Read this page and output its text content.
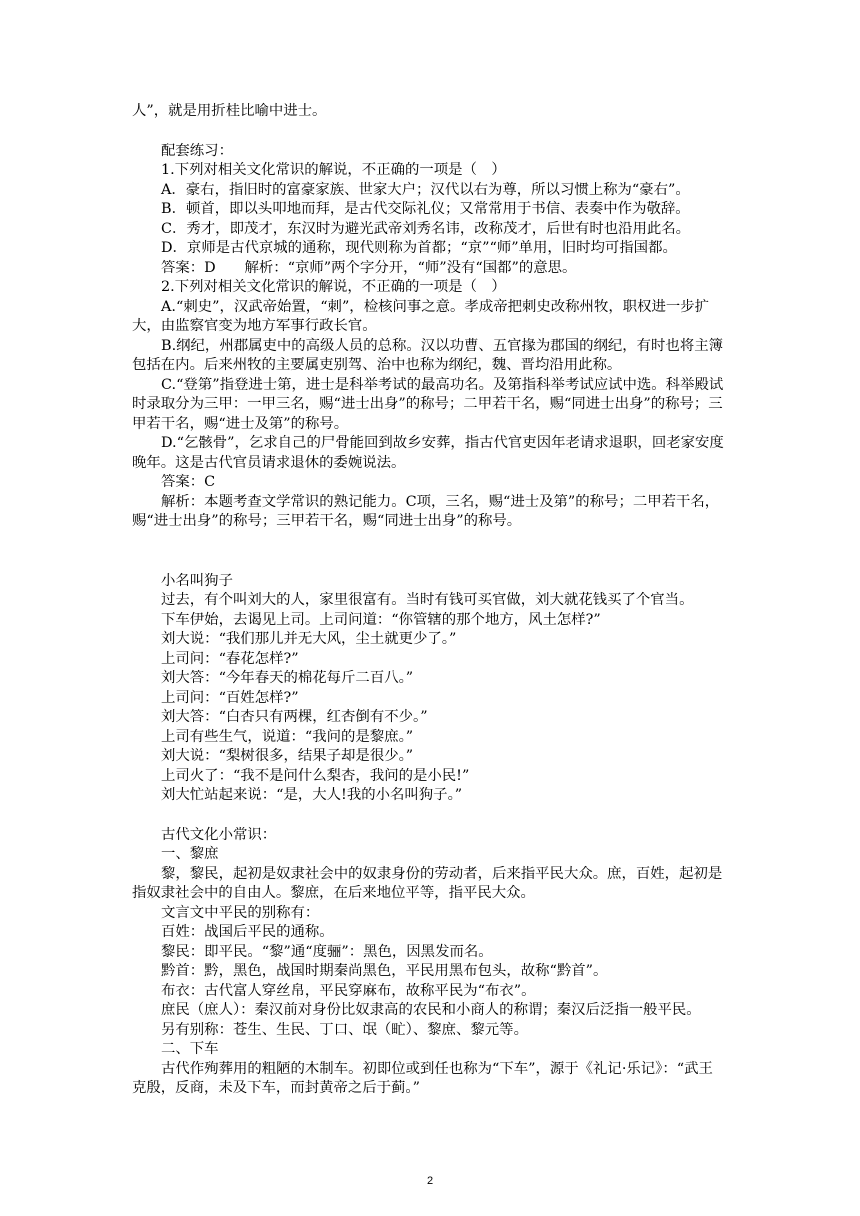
人”，就是用折桂比喻中进士。
配套练习：
1.下列对相关文化常识的解说，不正确的一项是（　）
A．豪右，指旧时的富豪家族、世家大户；汉代以右为尊，所以习惯上称为“豪右”。
B．顿首，即以头叩地而拜，是古代交际礼仪；又常常用于书信、表奏中作为敬辞。
C．秀才，即茂才，东汉时为避光武帝刘秀名讳，改称茂才，后世有时也沿用此名。
D．京师是古代京城的通称，现代则称为首都；“京”“师”单用，旧时均可指国都。
答案：D　　解析：“京师”两个字分开，“师”没有“国都”的意思。
2.下列对相关文化常识的解说，不正确的一项是（　）
A.“刺史”，汉武帝始置，“刺”，检核问事之意。孝成帝把刺史改称州牧，职权进一步扩大，由监察官变为地方军事行政长官。
B.纲纪，州郡属吏中的高级人员的总称。汉以功曹、五官掾为郡国的纲纪，有时也将主簿包括在内。后来州牧的主要属吏别驾、治中也称为纲纪，魏、晋均沿用此称。
C.“登第”指登进士第，进士是科举考试的最高功名。及第指科举考试应试中选。科举殿试时录取分为三甲：一甲三名，赐“进士出身”的称号；二甲若干名，赐“同进士出身”的称号；三甲若干名，赐“进士及第”的称号。
D.“乞骸骨”，乞求自己的尸骨能回到故乡安葬，指古代官吏因年老请求退职，回老家安度晚年。这是古代官员请求退休的委婉说法。
答案：C
解析：本题考查文学常识的熟记能力。C项，三名，赐“进士及第”的称号；二甲若干名，赐“进士出身”的称号；三甲若干名，赐“同进士出身”的称号。
小名叫狗子
过去，有个叫刘大的人，家里很富有。当时有钱可买官做，刘大就花钱买了个官当。
下车伊始，去谒见上司。上司问道：“你管辖的那个地方，风土怎样?”
刘大说：“我们那儿并无大风，尘土就更少了。”
上司问：“春花怎样?”
刘大答：“今年春天的棉花每斤二百八。”
上司问：“百姓怎样?”
刘大答：“白杏只有两棵，红杏倒有不少。”
上司有些生气，说道：“我问的是黎庶。”
刘大说：“梨树很多，结果子却是很少。”
上司火了：“我不是问什么梨杏，我问的是小民!”
刘大忙站起来说：“是，大人!我的小名叫狗子。”
古代文化小常识：
一、黎庶
黎，黎民，起初是奴隶社会中的奴隶身份的劳动者，后来指平民大众。庶，百姓，起初是指奴隶社会中的自由人。黎庶，在后来地位平等，指平民大众。
文言文中平民的别称有：
百姓：战国后平民的通称。
黎民：即平民。“黎”通“度骊”：黑色，因黑发而名。
黔首：黔，黑色，战国时期秦尚黑色，平民用黑布包头，故称“黔首”。
布衣：古代富人穿丝帛，平民穿麻布，故称平民为“布衣”。
庶民（庶人）：秦汉前对身份比奴隶高的农民和小商人的称谓；秦汉后泛指一般平民。
另有别称：苍生、生民、丁口、氓（甿）、黎庶、黎元等。
二、下车
古代作殉葬用的粗陋的木制车。初即位或到任也称为“下车”，源于《礼记·乐记》：“武王克殷，反商，未及下车，而封黄帝之后于蓟。”
2
